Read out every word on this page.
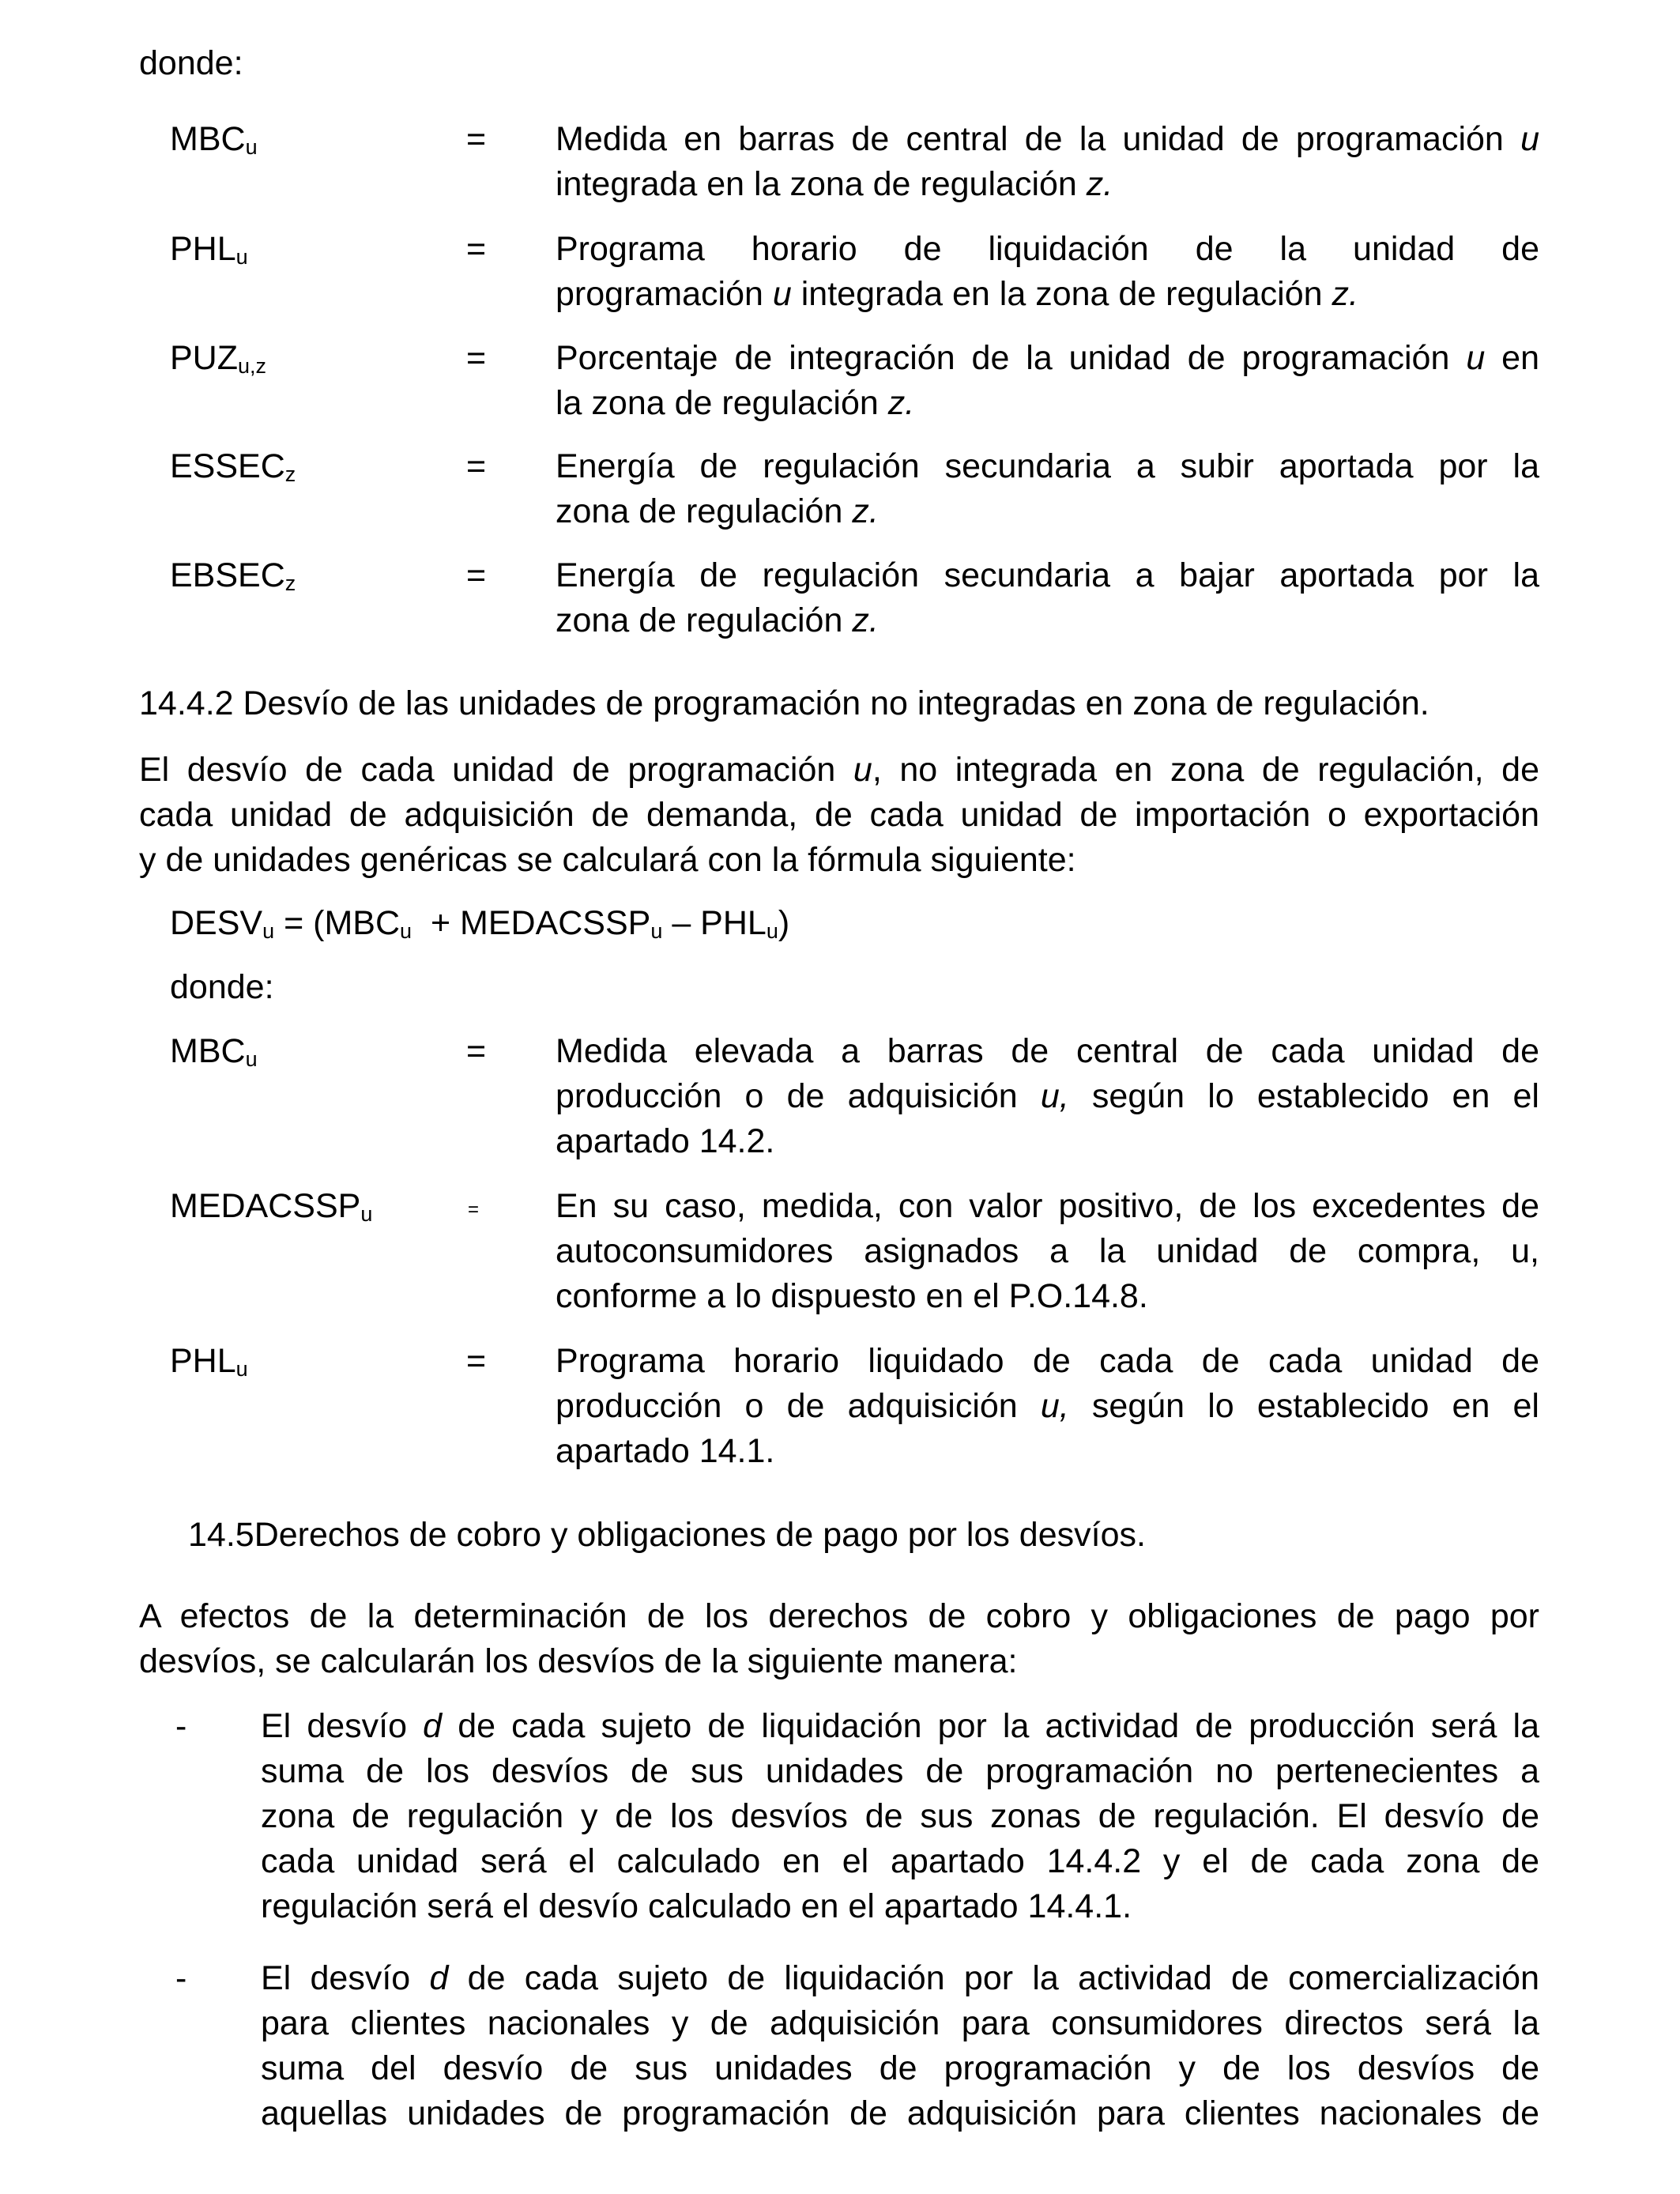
donde:
$MBC_u$	= Medida en barras de central de la unidad de programación u
integrada en la zona de regulación z.
$PHL_u$	= Programa horario de liquidación de la unidad de
programación u integrada en la zona de regulación z.
$PUZ_{u,z}$	= Porcentaje de integración de la unidad de programación u en
la zona de regulación z.
$ESSEC_z$	= Energía de regulación secundaria a subir aportada por la
zona de regulación z.
$EBSEC_z$	= Energía de regulación secundaria a bajar aportada por la
zona de regulación z.
14.4.2 Desvío de las unidades de programación no integradas en zona de regulación.
El desvío de cada unidad de programación u, no integrada en zona de regulación, de
cada unidad de adquisición de demanda, de cada unidad de importación o exportación
y de unidades genéricas se calculará con la fórmula siguiente:
$DESV_u = (MBC_u$  + $MEDACSSP_u - PHL_u$)
donde:
$MBC_u$	= Medida elevada a barras de central de cada unidad de
producción o de adquisición u, según lo establecido en el
apartado 14.2.
$MEDACSSP_u$	= En su caso, medida, con valor positivo, de los excedentes de
autoconsumidores asignados a la unidad de compra, u,
conforme a lo dispuesto en el P.O.14.8.
$PHL_u$	= Programa horario liquidado de cada de cada unidad de
producción o de adquisición u, según lo establecido en el
apartado 14.1.
14.5Derechos de cobro y obligaciones de pago por los desvíos.
A efectos de la determinación de los derechos de cobro y obligaciones de pago por
desvíos, se calcularán los desvíos de la siguiente manera:
- El desvío d de cada sujeto de liquidación por la actividad de producción será la
suma de los desvíos de sus unidades de programación no pertenecientes a
zona de regulación y de los desvíos de sus zonas de regulación. El desvío de
cada unidad será el calculado en el apartado 14.4.2 y el de cada zona de
regulación será el desvío calculado en el apartado 14.4.1.
- El desvío d de cada sujeto de liquidación por la actividad de comercialización
para clientes nacionales y de adquisición para consumidores directos será la
suma del desvío de sus unidades de programación y de los desvíos de
aquellas unidades de programación de adquisición para clientes nacionales de
